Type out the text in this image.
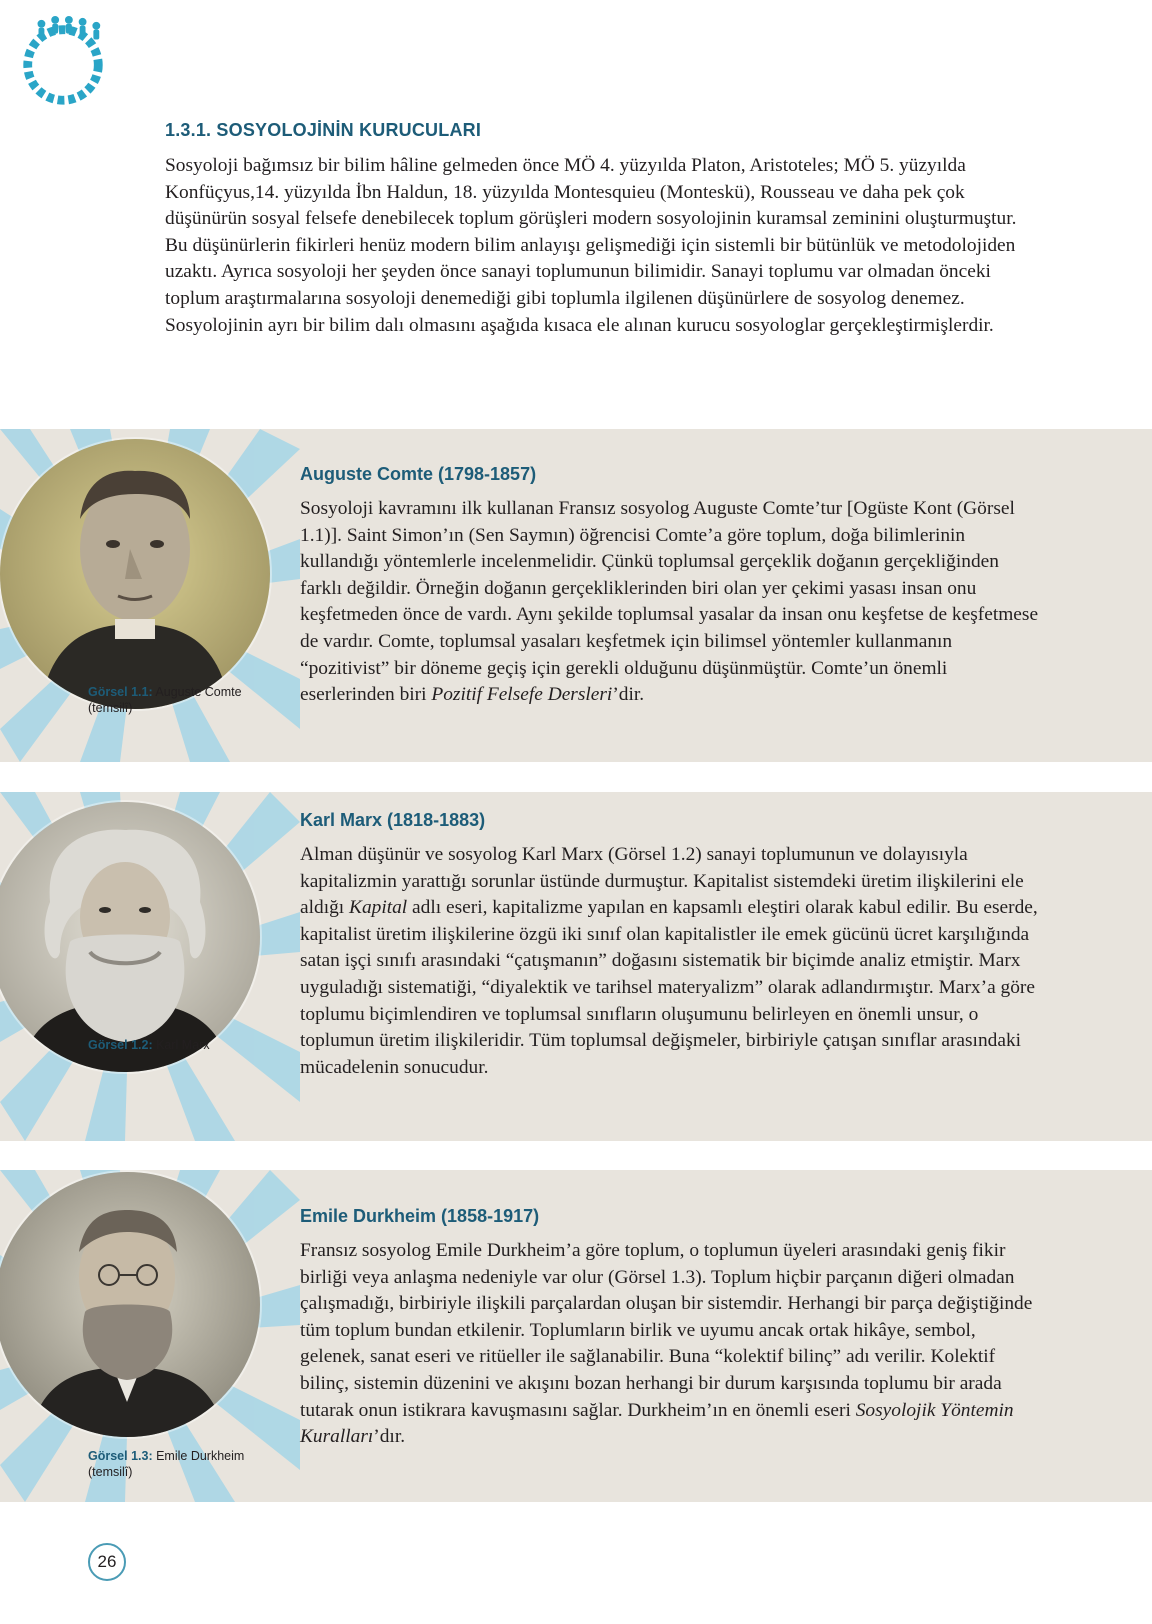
1.3.1. SOSYOLOJİNİN KURUCULARI

Sosyoloji bağımsız bir bilim hâline gelmeden önce MÖ 4. yüzyılda Platon, Aristoteles; MÖ 5. yüzyılda Konfüçyus,14. yüzyılda İbn Haldun, 18. yüzyılda Montesquieu (Monteskü), Rousseau ve daha pek çok düşünürün sosyal felsefe denebilecek toplum görüşleri modern sosyolojinin kuramsal zeminini oluşturmuştur. Bu düşünürlerin fikirleri henüz modern bilim anlayışı gelişmediği için sistemli bir bütünlük ve metodolojiden uzaktı. Ayrıca sosyoloji her şeyden önce sanayi toplumunun bilimidir. Sanayi toplumu var olmadan önceki toplum araştırmalarına sosyoloji denemediği gibi toplumla ilgilenen düşünürlere de sosyolog denemez. Sosyolojinin ayrı bir bilim dalı olmasını aşağıda kısaca ele alınan kurucu sosyologlar gerçekleştirmişlerdir.

Görsel 1.1: Auguste Comte
(temsilî)
Auguste Comte (1798-1857)

Sosyoloji kavramını ilk kullanan Fransız sosyolog Auguste Comte’tur [Ogüste Kont (Görsel 1.1)]. Saint Simon’ın (Sen Saymın) öğrencisi Comte’a göre toplum, doğa bilimlerinin kullandığı yöntemlerle incelenmelidir. Çünkü toplumsal gerçeklik doğanın gerçekliğinden farklı değildir. Örneğin doğanın gerçekliklerinden biri olan yer çekimi yasası insan onu keşfetmeden önce de vardı. Aynı şekilde toplumsal yasalar da insan onu keşfetse de keşfetmese de vardır. Comte, toplumsal yasaları keşfetmek için bilimsel yöntemler kullanmanın “pozitivist” bir döneme geçiş için gerekli olduğunu düşünmüştür. Comte’un önemli eserlerinden biri Pozitif Felsefe Dersleri’dir.

Görsel 1.2: Karl Marx
Karl Marx (1818-1883)

Alman düşünür ve sosyolog Karl Marx (Görsel 1.2) sanayi toplumunun ve dolayısıyla kapitalizmin yarattığı sorunlar üstünde durmuştur. Kapitalist sistemdeki üretim ilişkilerini ele aldığı Kapital adlı eseri, kapitalizme yapılan en kapsamlı eleştiri olarak kabul edilir. Bu eserde, kapitalist üretim ilişkilerine özgü iki sınıf olan kapitalistler ile emek gücünü ücret karşılığında satan işçi sınıfı arasındaki “çatışmanın” doğasını sistematik bir biçimde analiz etmiştir. Marx uyguladığı sistematiği, “diyalektik ve tarihsel materyalizm” olarak adlandırmıştır. Marx’a göre toplumu biçimlendiren ve toplumsal sınıfların oluşumunu belirleyen en önemli unsur, o toplumun üretim ilişkileridir. Tüm toplumsal değişmeler, birbiriyle çatışan sınıflar arasındaki mücadelenin sonucudur.

Görsel 1.3: Emile Durkheim
(temsilî)
Emile Durkheim (1858-1917)

Fransız sosyolog Emile Durkheim’a göre toplum, o toplumun üyeleri arasındaki geniş fikir birliği veya anlaşma nedeniyle var olur (Görsel 1.3). Toplum hiçbir parçanın diğeri olmadan çalışmadığı, birbiriyle ilişkili parçalardan oluşan bir sistemdir. Herhangi bir parça değiştiğinde tüm toplum bundan etkilenir. Toplumların birlik ve uyumu ancak ortak hikâye, sembol, gelenek, sanat eseri ve ritüeller ile sağlanabilir. Buna “kolektif bilinç” adı verilir. Kolektif bilinç, sistemin düzenini ve akışını bozan herhangi bir durum karşısında toplumu bir arada tutarak onun istikrara kavuşmasını sağlar. Durkheim’ın en önemli eseri Sosyolojik Yöntemin Kuralları’dır.

26
